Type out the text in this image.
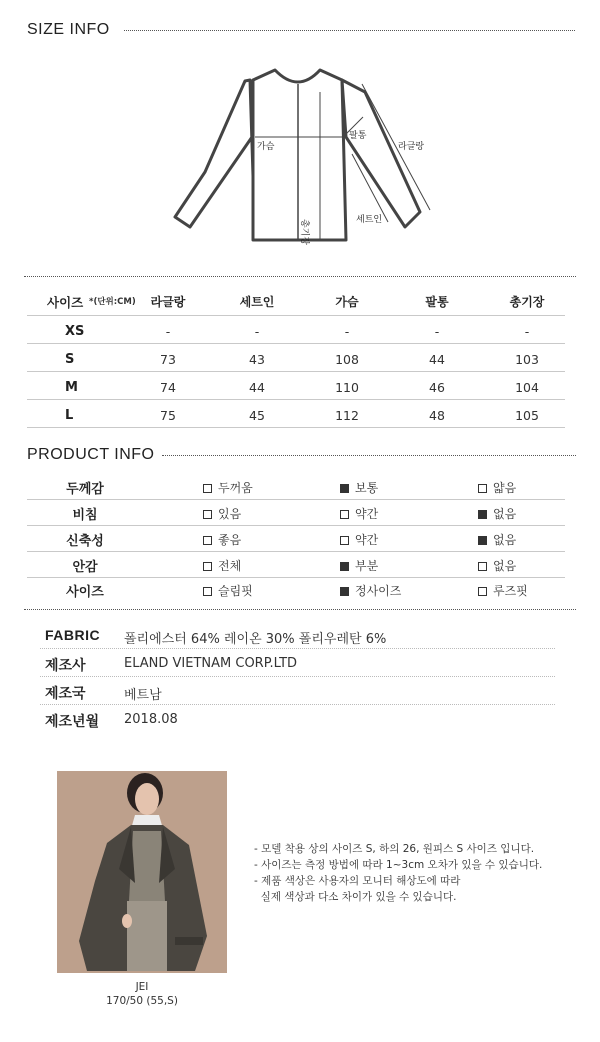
SIZE INFO
가슴
팔통
라글랑
총기장	세트인
사이즈 *(단위:CM)	라글랑	세트인	가슴	팔통	총기장
XS	-	-	-	-	-
S	73	43	108	44	103
M	74	44	110	46	104
L	75	45	112	48	105
PRODUCT INFO
두께감	두꺼움	보통	얇음
비침	있음	약간	없음
신축성	좋음	약간	없음
안감	전체	부분	없음
사이즈	슬림핏	정사이즈	루즈핏
FABRIC 폴리에스터 64% 레이온 30% 폴리우레탄 6%
제조사	ELAND VIETNAM CORP.LTD
제조국	베트남
제조년월 2018.08
JEI
170/50 (55,S)
- 모델 착용 상의 사이즈 S, 하의 26, 원피스 S 사이즈 입니다.
- 사이즈는 측정 방법에 따라 1~3cm 오차가 있을 수 있습니다.
- 제품 색상은 사용자의 모니터 해상도에 따라
실제 색상과 다소 차이가 있을 수 있습니다.
